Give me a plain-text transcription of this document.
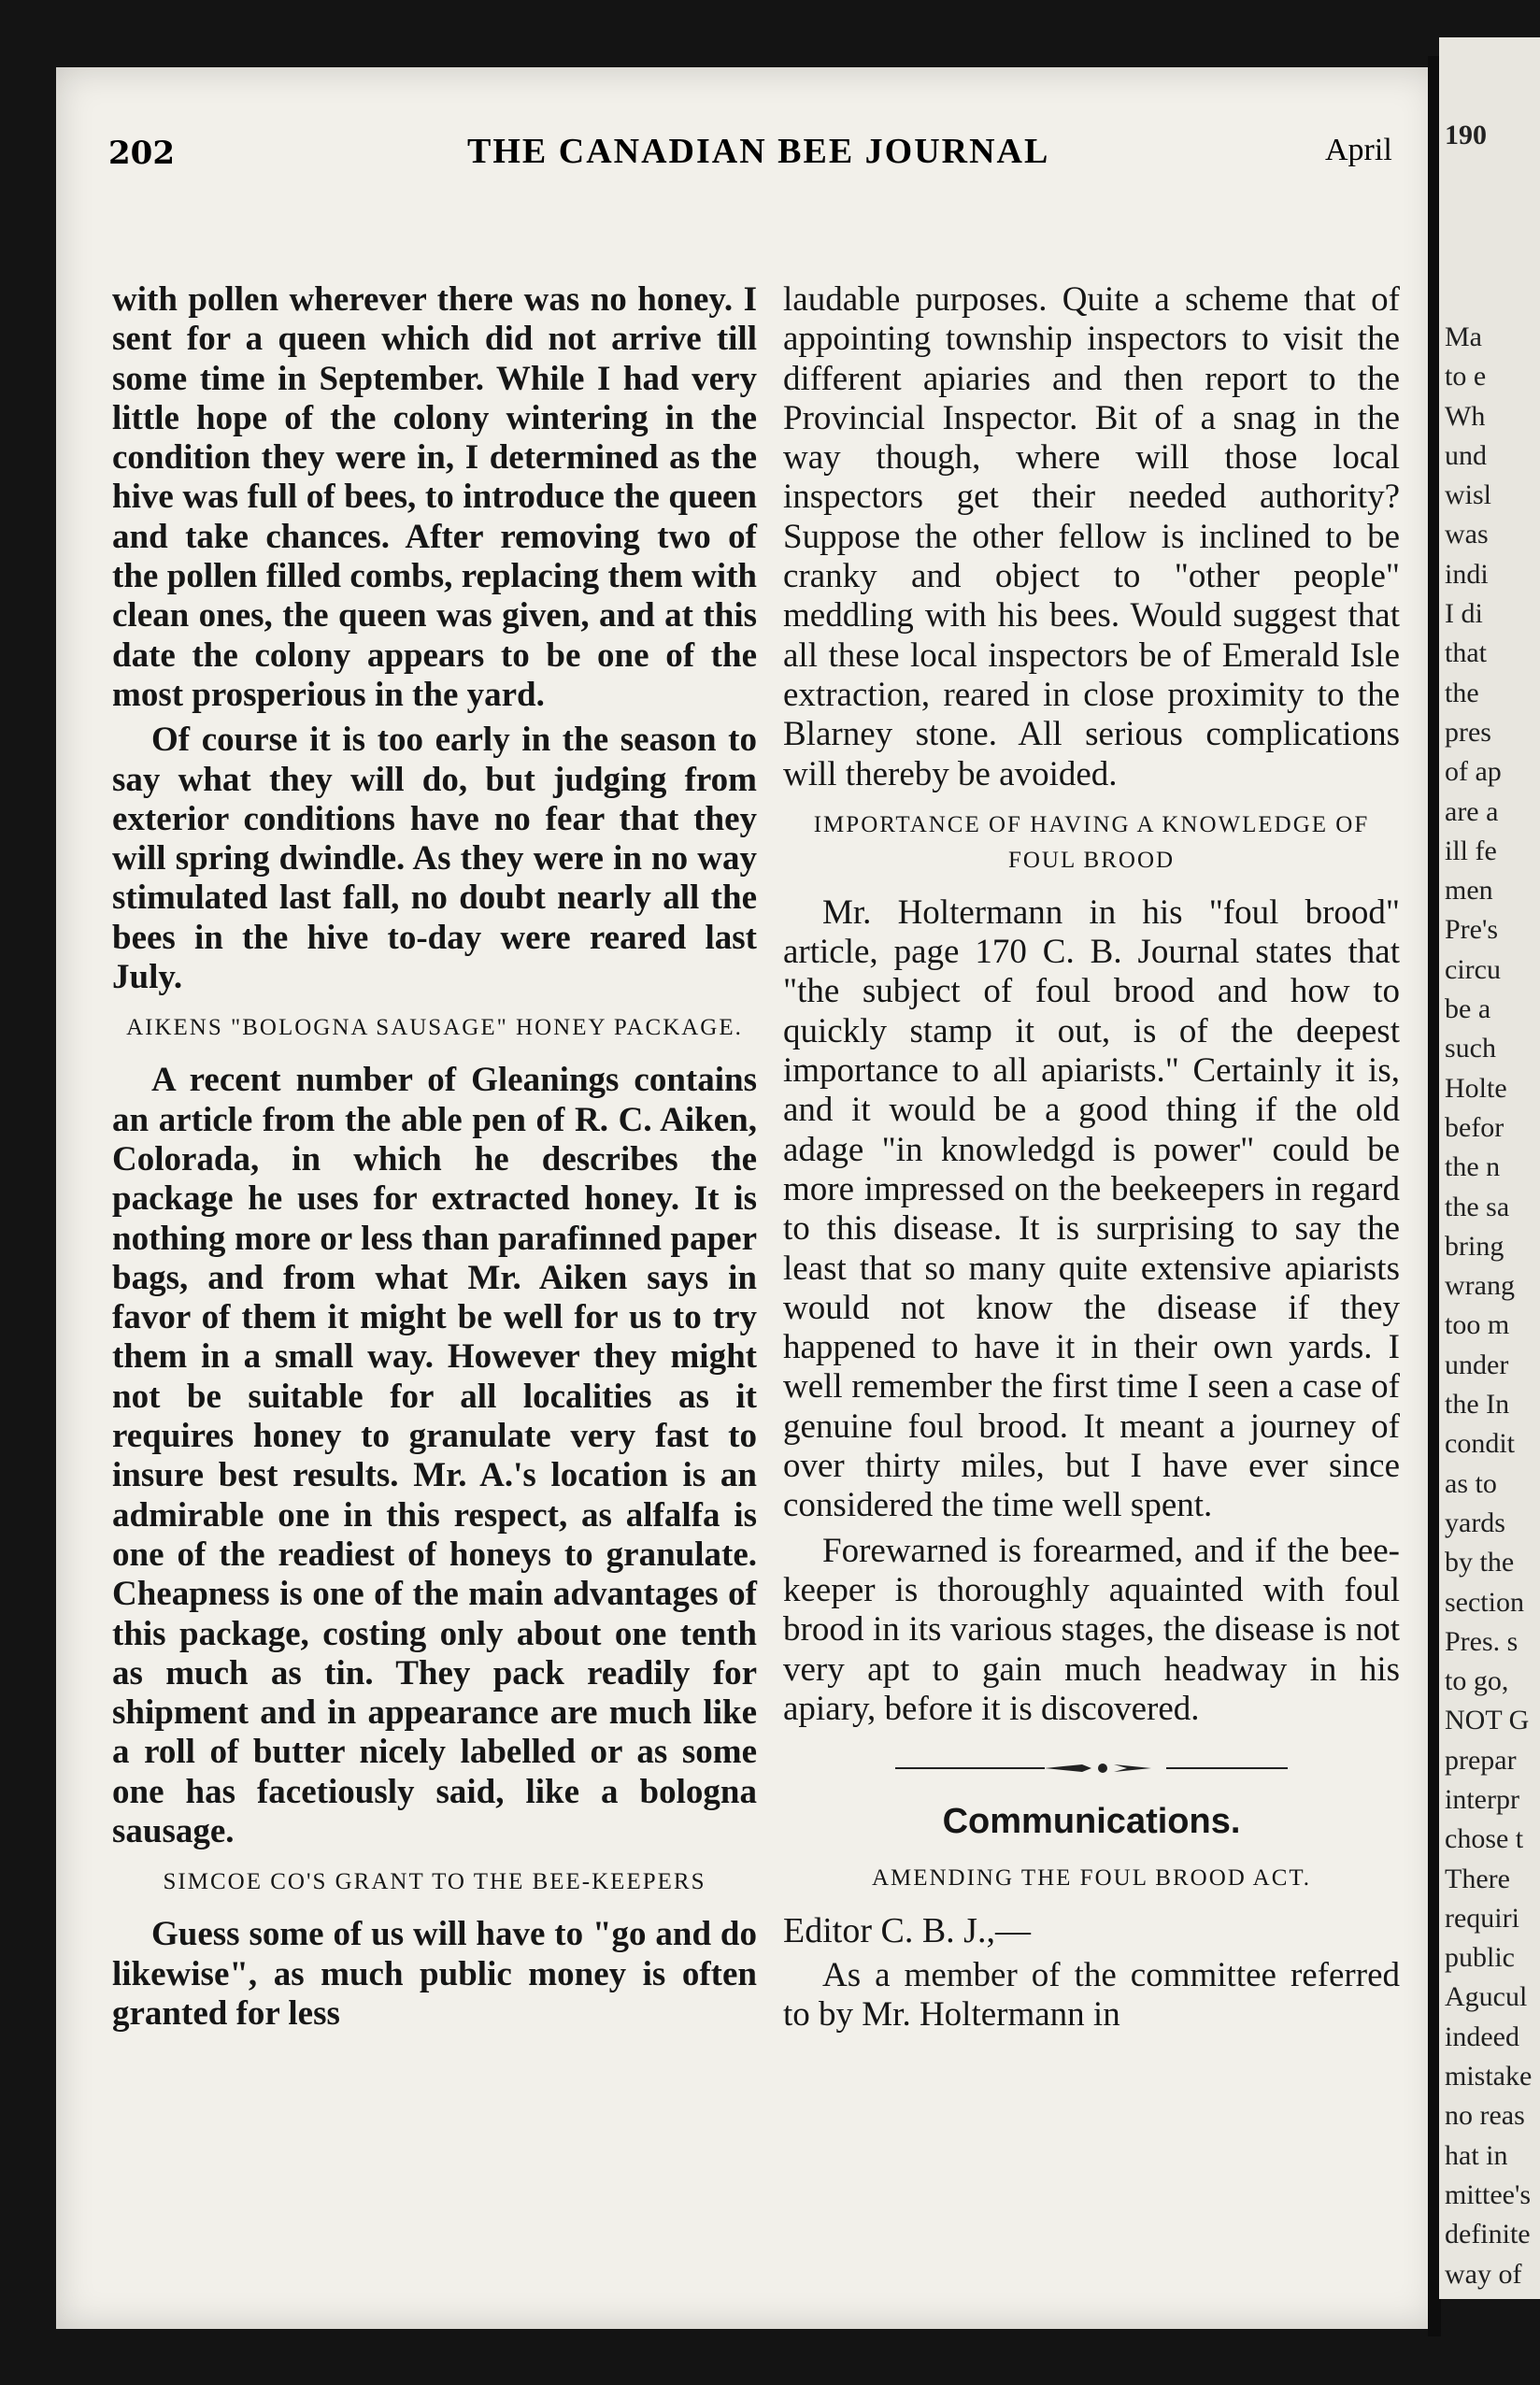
202	THE CANADIAN BEE JOURNAL	April

with pollen wherever there was no honey. I sent for a queen which did not arrive till some time in September. While I had very little hope of the colony wintering in the condition they were in, I determined as the hive was full of bees, to introduce the queen and take chances. After removing two of the pollen filled combs, replacing them with clean ones, the queen was given, and at this date the colony appears to be one of the most prosperious in the yard.

Of course it is too early in the season to say what they will do, but judging from exterior conditions have no fear that they will spring dwindle. As they were in no way stimulated last fall, no doubt nearly all the bees in the hive to-day were reared last July.

AIKENS "BOLOGNA SAUSAGE" HONEY PACKAGE.

A recent number of Gleanings contains an article from the able pen of R. C. Aiken, Colorada, in which he describes the package he uses for extracted honey. It is nothing more or less than parafinned paper bags, and from what Mr. Aiken says in favor of them it might be well for us to try them in a small way. However they might not be suitable for all localities as it requires honey to granulate very fast to insure best results. Mr. A.'s location is an admirable one in this respect, as alfalfa is one of the readiest of honeys to granulate. Cheapness is one of the main advantages of this package, costing only about one tenth as much as tin. They pack readily for shipment and in appearance are much like a roll of butter nicely labelled or as some one has facetiously said, like a bologna sausage.

SIMCOE CO'S GRANT TO THE BEE-KEEPERS

Guess some of us will have to "go and do likewise", as much public money is often granted for less

laudable purposes. Quite a scheme that of appointing township inspectors to visit the different apiaries and then report to the Provincial Inspector. Bit of a snag in the way though, where will those local inspectors get their needed authority? Suppose the other fellow is inclined to be cranky and object to "other people" meddling with his bees. Would suggest that all these local inspectors be of Emerald Isle extraction, reared in close proximity to the Blarney stone. All serious complications will thereby be avoided.

IMPORTANCE OF HAVING A KNOWLEDGE OF FOUL BROOD

Mr. Holtermann in his "foul brood" article, page 170 C. B. Journal states that "the subject of foul brood and how to quickly stamp it out, is of the deepest importance to all apiarists." Certainly it is, and it would be a good thing if the old adage "in knowledgd is power" could be more impressed on the beekeepers in regard to this disease. It is surprising to say the least that so many quite extensive apiarists would not know the disease if they happened to have it in their own yards. I well remember the first time I seen a case of genuine foul brood. It meant a journey of over thirty miles, but I have ever since considered the time well spent.

Forewarned is forearmed, and if the bee-keeper is thoroughly aquainted with foul brood in its various stages, the disease is not very apt to gain much headway in his apiary, before it is discovered.

Communications.
AMENDING THE FOUL BROOD ACT.
Editor C. B. J.,—

As a member of the committee referred to by Mr. Holtermann in

190
Ma
to e
Wh
und
wisl
was
indi
I di
that
the
pres
of ap
are a
ill fe
men
Pre's
circu
be a
such
Holte
befor
the n
the sa
bring
wrang
too m
under
the In
condit
as to
yards
by the
section
Pres. s
to go,
NOT G
prepar
interpr
chose t
There
requiri
public
Agucul
indeed
mistake
no reas
hat in
mittee's
definite
way of
